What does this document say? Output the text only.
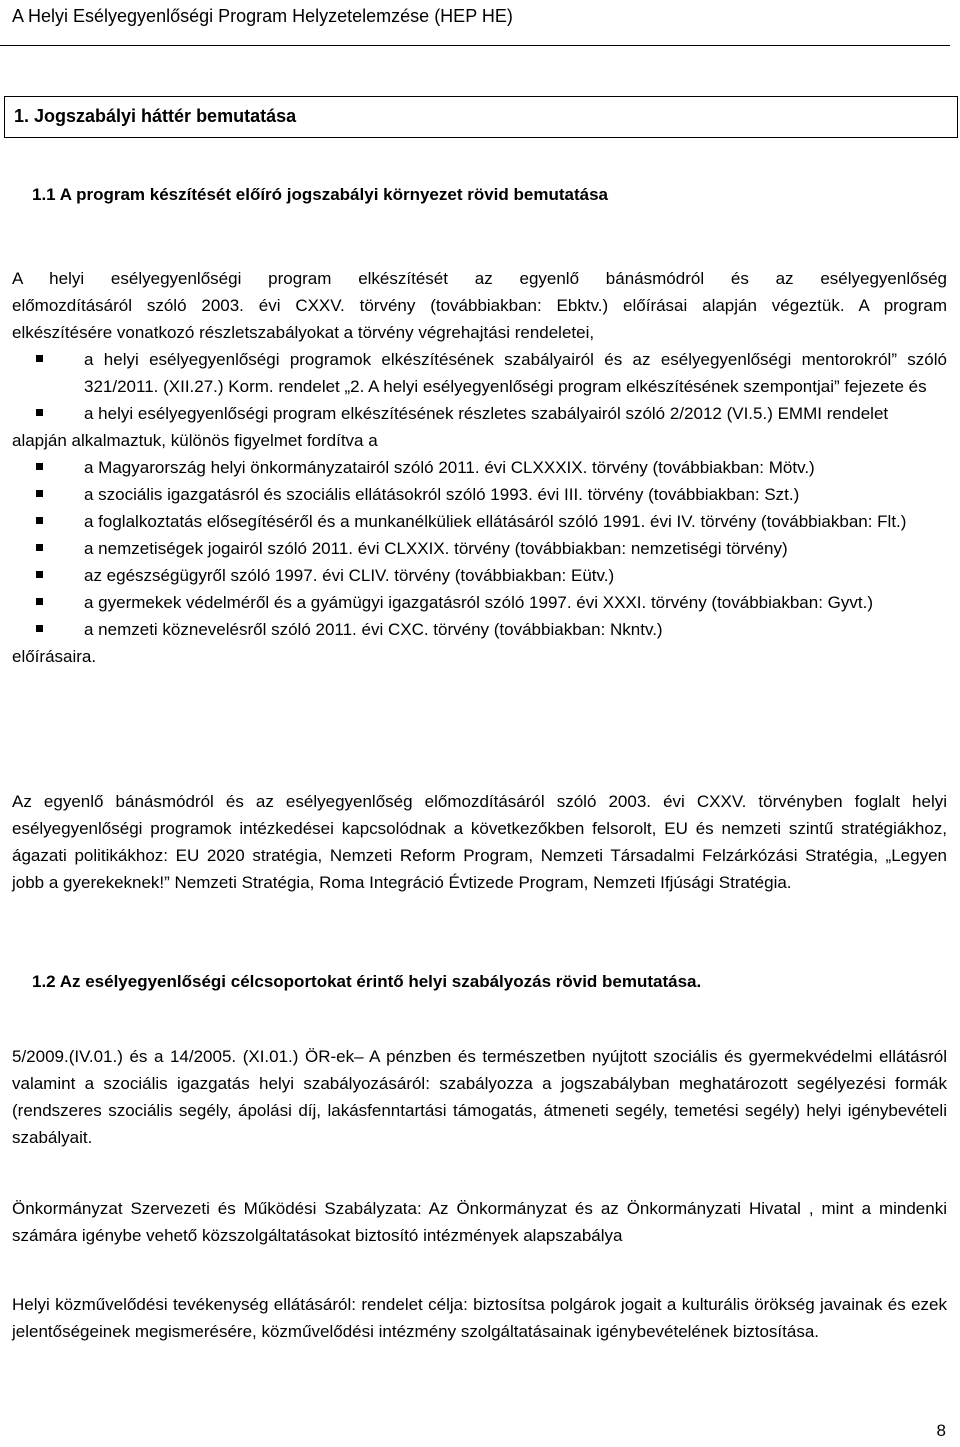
A Helyi Esélyegyenlőségi Program Helyzetelemzése (HEP HE)
1. Jogszabályi háttér bemutatása
1.1 A program készítését előíró jogszabályi környezet rövid bemutatása
A helyi esélyegyenlőségi program elkészítését az egyenlő bánásmódról és az esélyegyenlőség
előmozdításáról szóló 2003. évi CXXV. törvény (továbbiakban: Ebktv.) előírásai alapján végeztük. A program
elkészítésére vonatkozó részletszabályokat a törvény végrehajtási rendeletei,
a helyi esélyegyenlőségi programok elkészítésének szabályairól és az esélyegyenlőségi mentorokról” szóló 321/2011. (XII.27.) Korm. rendelet „2. A helyi esélyegyenlőségi program elkészítésének szempontjai” fejezete és
a helyi esélyegyenlőségi program elkészítésének részletes szabályairól szóló 2/2012 (VI.5.) EMMI rendelet
alapján alkalmaztuk, különös figyelmet fordítva a
a Magyarország helyi önkormányzatairól szóló 2011. évi CLXXXIX. törvény (továbbiakban: Mötv.)
a szociális igazgatásról és szociális ellátásokról szóló 1993. évi III. törvény (továbbiakban: Szt.)
a foglalkoztatás elősegítéséről és a munkanélküliek ellátásáról szóló 1991. évi IV. törvény (továbbiakban: Flt.)
a nemzetiségek jogairól szóló 2011. évi CLXXIX. törvény (továbbiakban: nemzetiségi törvény)
az egészségügyről szóló 1997. évi CLIV. törvény (továbbiakban: Eütv.)
a gyermekek védelméről és a gyámügyi igazgatásról szóló 1997. évi XXXI. törvény (továbbiakban: Gyvt.)
a nemzeti köznevelésről szóló 2011. évi CXC. törvény (továbbiakban: Nkntv.)
előírásaira.
Az egyenlő bánásmódról és az esélyegyenlőség előmozdításáról szóló 2003. évi CXXV. törvényben foglalt helyi esélyegyenlőségi programok intézkedései kapcsolódnak a következőkben felsorolt, EU és nemzeti szintű stratégiákhoz, ágazati politikákhoz: EU 2020 stratégia, Nemzeti Reform Program, Nemzeti Társadalmi Felzárkózási Stratégia, „Legyen jobb a gyerekeknek!” Nemzeti Stratégia, Roma Integráció Évtizede Program, Nemzeti Ifjúsági Stratégia.
1.2 Az esélyegyenlőségi célcsoportokat érintő helyi szabályozás rövid bemutatása.
5/2009.(IV.01.) és a 14/2005. (XI.01.) ÖR-ek– A pénzben és természetben nyújtott szociális és gyermekvédelmi ellátásról valamint a szociális igazgatás helyi szabályozásáról: szabályozza a jogszabályban meghatározott segélyezési formák (rendszeres szociális segély, ápolási díj, lakásfenntartási támogatás, átmeneti segély, temetési segély) helyi igénybevételi szabályait.
Önkormányzat Szervezeti és Működési Szabályzata: Az Önkormányzat és az Önkormányzati Hivatal , mint a mindenki számára igénybe vehető közszolgáltatásokat biztosító intézmények alapszabálya
Helyi közművelődési tevékenység ellátásáról: rendelet célja: biztosítsa polgárok jogait a kulturális örökség javainak és ezek jelentőségeinek megismerésére, közművelődési intézmény szolgáltatásainak igénybevételének biztosítása.
8
